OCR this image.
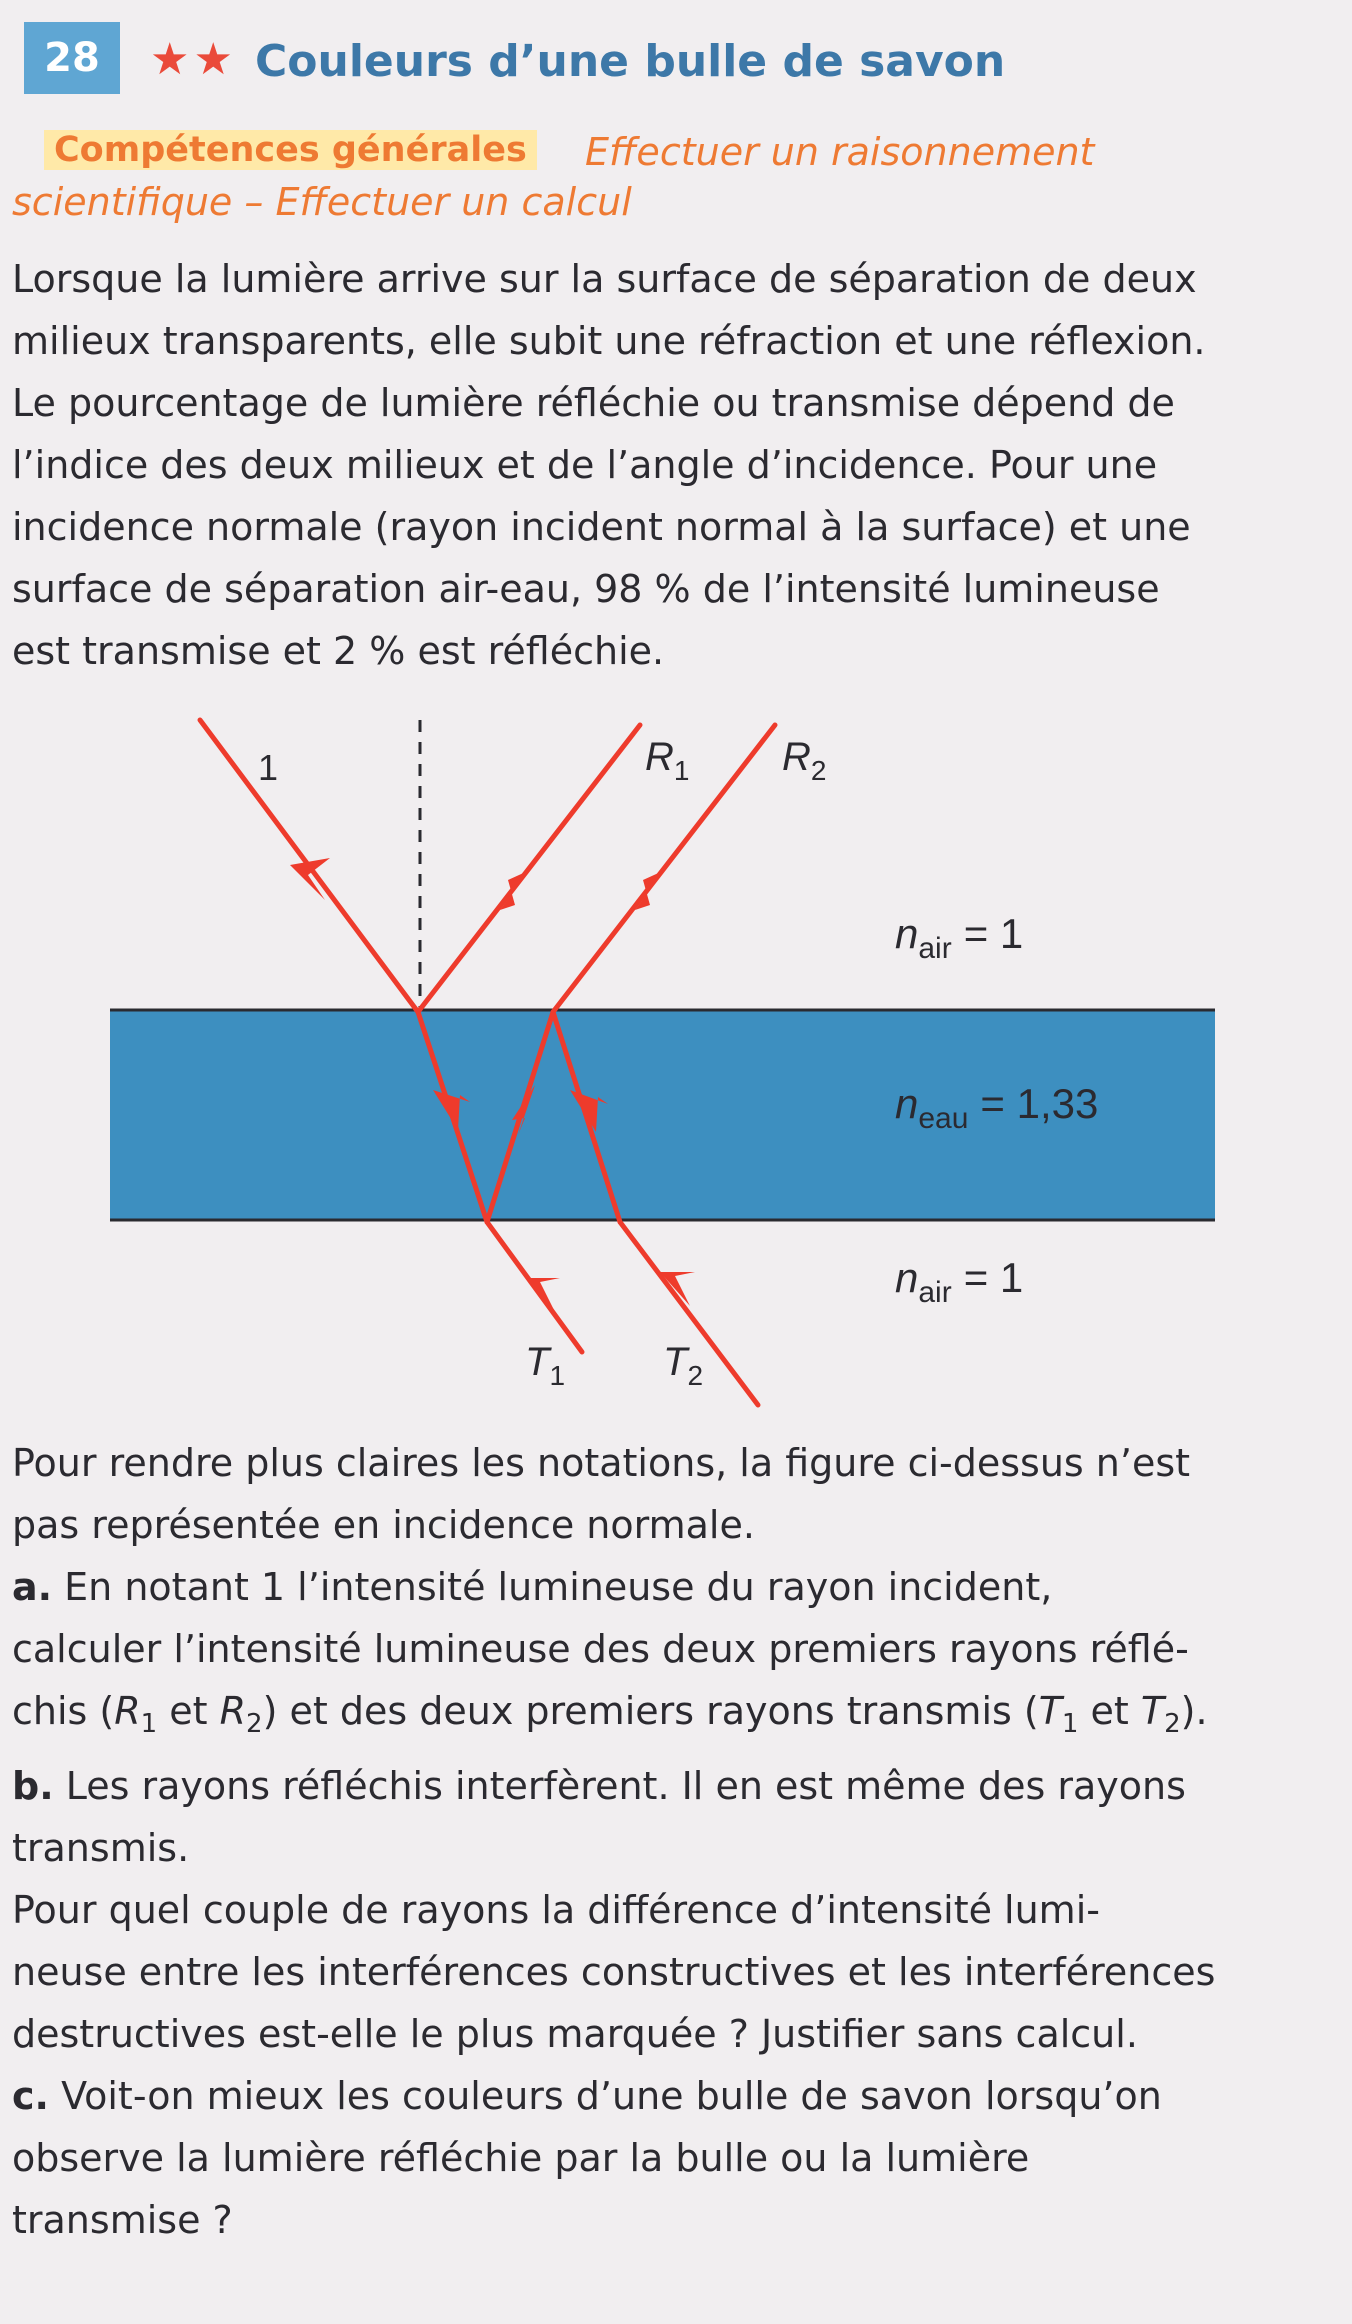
28	★★ Couleurs d’une bulle de savon
Compétences générales Effectuer un raisonnement
scientifique – Effectuer un calcul

Lorsque la lumière arrive sur la surface de séparation de deux
milieux transparents, elle subit une réfraction et une réflexion.
Le pourcentage de lumière réfléchie ou transmise dépend de
l’indice des deux milieux et de l’angle d’incidence. Pour une
incidence normale (rayon incident normal à la surface) et une
surface de séparation air-eau, 98 % de l’intensité lumineuse
est transmise et 2 % est réfléchie.

1	$R_1$ $R_2$
$T_1$ $T_2$
$n_{air} = 1$
$n_{eau} = 1,33$
$n_{air} = 1$
Pour rendre plus claires les notations, la figure ci-dessus n’est
pas représentée en incidence normale.
a. En notant 1 l’intensité lumineuse du rayon incident,
calculer l’intensité lumineuse des deux premiers rayons réflé-
chis ($R_1$ et $R_2$) et des deux premiers rayons transmis ($T_1$ et $T_2$).
b. Les rayons réfléchis interfèrent. Il en est même des rayons
transmis.
Pour quel couple de rayons la différence d’intensité lumi-
neuse entre les interférences constructives et les interférences
destructives est-elle le plus marquée ? Justifier sans calcul.
c. Voit-on mieux les couleurs d’une bulle de savon lorsqu’on
observe la lumière réfléchie par la bulle ou la lumière
transmise ?
